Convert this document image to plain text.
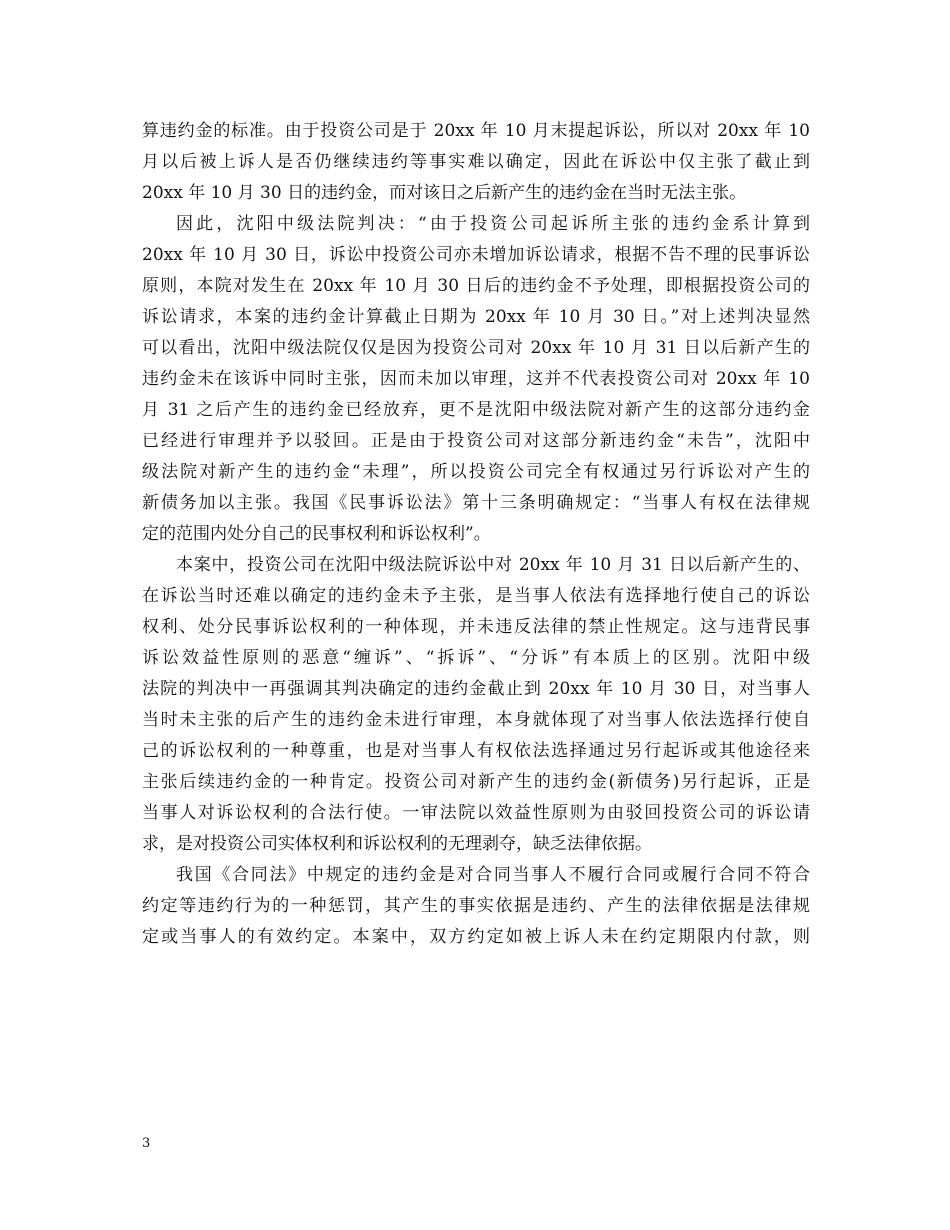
算违约金的标准。由于投资公司是于 20xx 年 10 月末提起诉讼，所以对 20xx 年 10
月以后被上诉人是否仍继续违约等事实难以确定，因此在诉讼中仅主张了截止到
20xx 年 10 月 30 日的违约金，而对该日之后新产生的违约金在当时无法主张。

因此，沈阳中级法院判决：“由于投资公司起诉所主张的违约金系计算到
20xx 年 10 月 30 日，诉讼中投资公司亦未增加诉讼请求，根据不告不理的民事诉讼
原则，本院对发生在 20xx 年 10 月 30 日后的违约金不予处理，即根据投资公司的
诉讼请求，本案的违约金计算截止日期为 20xx 年 10 月 30 日。”对上述判决显然
可以看出，沈阳中级法院仅仅是因为投资公司对 20xx 年 10 月 31 日以后新产生的
违约金未在该诉中同时主张，因而未加以审理，这并不代表投资公司对 20xx 年 10
月 31 之后产生的违约金已经放弃，更不是沈阳中级法院对新产生的这部分违约金
已经进行审理并予以驳回。正是由于投资公司对这部分新违约金“未告”，沈阳中
级法院对新产生的违约金“未理”，所以投资公司完全有权通过另行诉讼对产生的
新债务加以主张。我国《民事诉讼法》第十三条明确规定：“当事人有权在法律规
定的范围内处分自己的民事权利和诉讼权利”。

本案中，投资公司在沈阳中级法院诉讼中对 20xx 年 10 月 31 日以后新产生的、
在诉讼当时还难以确定的违约金未予主张，是当事人依法有选择地行使自己的诉讼
权利、处分民事诉讼权利的一种体现，并未违反法律的禁止性规定。这与违背民事
诉讼效益性原则的恶意“缠诉”、“拆诉”、“分诉”有本质上的区别。沈阳中级
法院的判决中一再强调其判决确定的违约金截止到 20xx 年 10 月 30 日，对当事人
当时未主张的后产生的违约金未进行审理，本身就体现了对当事人依法选择行使自
己的诉讼权利的一种尊重，也是对当事人有权依法选择通过另行起诉或其他途径来
主张后续违约金的一种肯定。投资公司对新产生的违约金(新债务)另行起诉，正是
当事人对诉讼权利的合法行使。一审法院以效益性原则为由驳回投资公司的诉讼请
求，是对投资公司实体权利和诉讼权利的无理剥夺，缺乏法律依据。

我国《合同法》中规定的违约金是对合同当事人不履行合同或履行合同不符合
约定等违约行为的一种惩罚，其产生的事实依据是违约、产生的法律依据是法律规
定或当事人的有效约定。本案中，双方约定如被上诉人未在约定期限内付款，则

3
